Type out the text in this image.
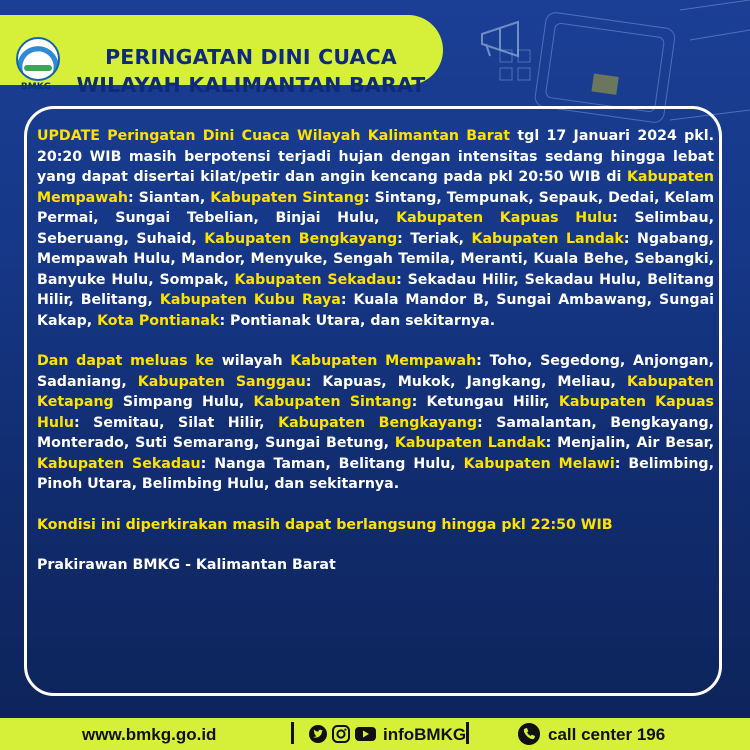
BMKG
PERINGATAN DINI CUACA
WILAYAH KALIMANTAN BARAT

UPDATE Peringatan Dini Cuaca Wilayah Kalimantan Barat tgl 17 Januari 2024 pkl. 20:20 WIB masih berpotensi terjadi hujan dengan intensitas sedang hingga lebat yang dapat disertai kilat/petir dan angin kencang pada pkl 20:50 WIB di Kabupaten Mempawah: Siantan, Kabupaten Sintang: Sintang, Tempunak, Sepauk, Dedai, Kelam Permai, Sungai Tebelian, Binjai Hulu, Kabupaten Kapuas Hulu: Selimbau, Seberuang, Suhaid, Kabupaten Bengkayang: Teriak, Kabupaten Landak: Ngabang, Mempawah Hulu, Mandor, Menyuke, Sengah Temila, Meranti, Kuala Behe, Sebangki, Banyuke Hulu, Sompak, Kabupaten Sekadau: Sekadau Hilir, Sekadau Hulu, Belitang Hilir, Belitang, Kabupaten Kubu Raya: Kuala Mandor B, Sungai Ambawang, Sungai Kakap, Kota Pontianak: Pontianak Utara, dan sekitarnya.

Dan dapat meluas ke wilayah Kabupaten Mempawah: Toho, Segedong, Anjongan, Sadaniang, Kabupaten Sanggau: Kapuas, Mukok, Jangkang, Meliau, Kabupaten Ketapang Simpang Hulu, Kabupaten Sintang: Ketungau Hilir, Kabupaten Kapuas Hulu: Semitau, Silat Hilir, Kabupaten Bengkayang: Samalantan, Bengkayang, Monterado, Suti Semarang, Sungai Betung, Kabupaten Landak: Menjalin, Air Besar, Kabupaten Sekadau: Nanga Taman, Belitang Hulu, Kabupaten Melawi: Belimbing, Pinoh Utara, Belimbing Hulu, dan sekitarnya.

Kondisi ini diperkirakan masih dapat berlangsung hingga pkl 22:50 WIB

Prakirawan BMKG - Kalimantan Barat

www.bmkg.go.id	infoBMKG	call center 196
